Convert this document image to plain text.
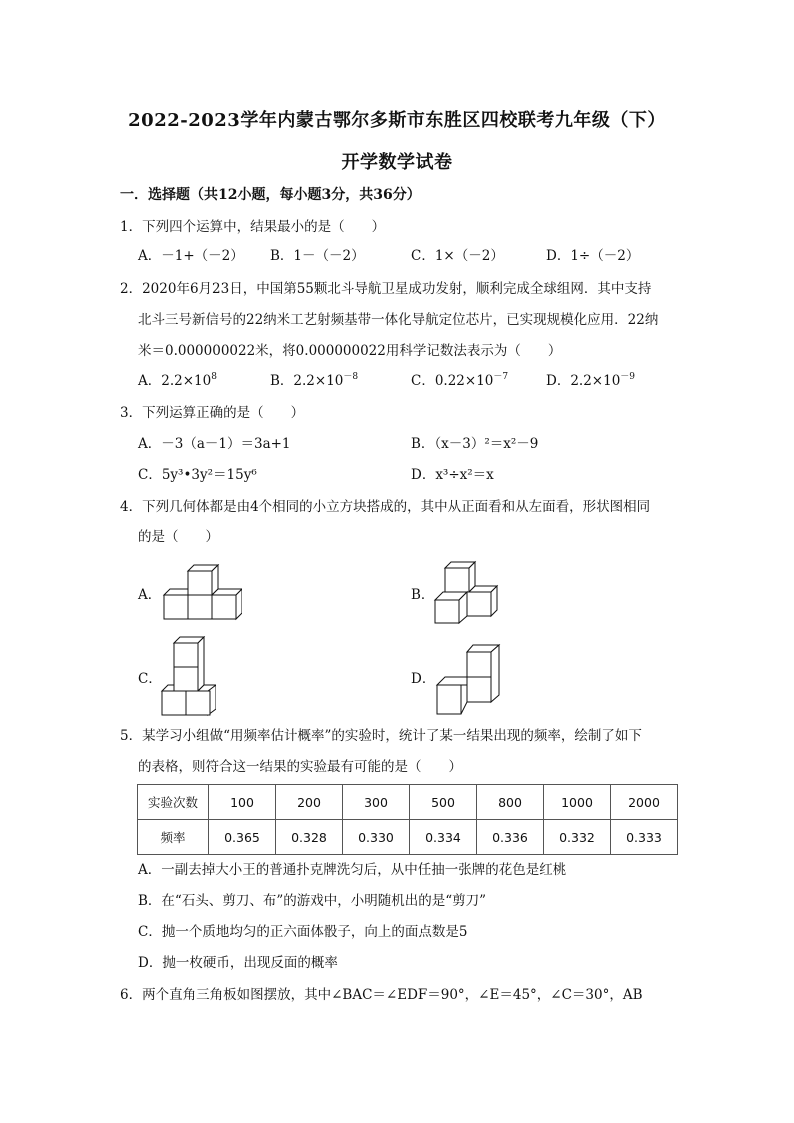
2022-2023学年内蒙古鄂尔多斯市东胜区四校联考九年级（下）
开学数学试卷
一．选择题（共12小题，每小题3分，共36分）
1．下列四个运算中，结果最小的是（　　）
A．－1+（－2） B．1－（－2）	C．1×（－2）	D．1÷（－2）
2．2020年6月23日，中国第55颗北斗导航卫星成功发射，顺利完成全球组网．其中支持
北斗三号新信号的22纳米工艺射频基带一体化导航定位芯片，已实现规模化应用．22纳
米＝0.000000022米，将0.000000022用科学记数法表示为（　　）
A．$2.2\times 10^8$	B．$2.2\times 10^{-8}$	C．$0.22\times 10^{-7}$	D．$2.2\times 10^{-9}$
3．下列运算正确的是（　　）
A．－3（a－1）＝3a+1	B．（x－3）²＝x²－9
C．5y³•3y²＝15y⁶	D．x³÷x²＝x
4．下列几何体都是由4个相同的小立方块搭成的，其中从正面看和从左面看，形状图相同
的是（　　）
A．	B．
C．	D．
5．某学习小组做“用频率估计概率”的实验时，统计了某一结果出现的频率，绘制了如下
的表格，则符合这一结果的实验最有可能的是（　　）
实验次数	100	200	300	500	800	1000	2000
频率	0.365	0.328	0.330	0.334	0.336	0.332	0.333
A．一副去掉大小王的普通扑克牌洗匀后，从中任抽一张牌的花色是红桃
B．在“石头、剪刀、布”的游戏中，小明随机出的是“剪刀”
C．抛一个质地均匀的正六面体骰子，向上的面点数是5
D．抛一枚硬币，出现反面的概率
6．两个直角三角板如图摆放，其中∠BAC＝∠EDF＝90°，∠E＝45°，∠C＝30°，AB
